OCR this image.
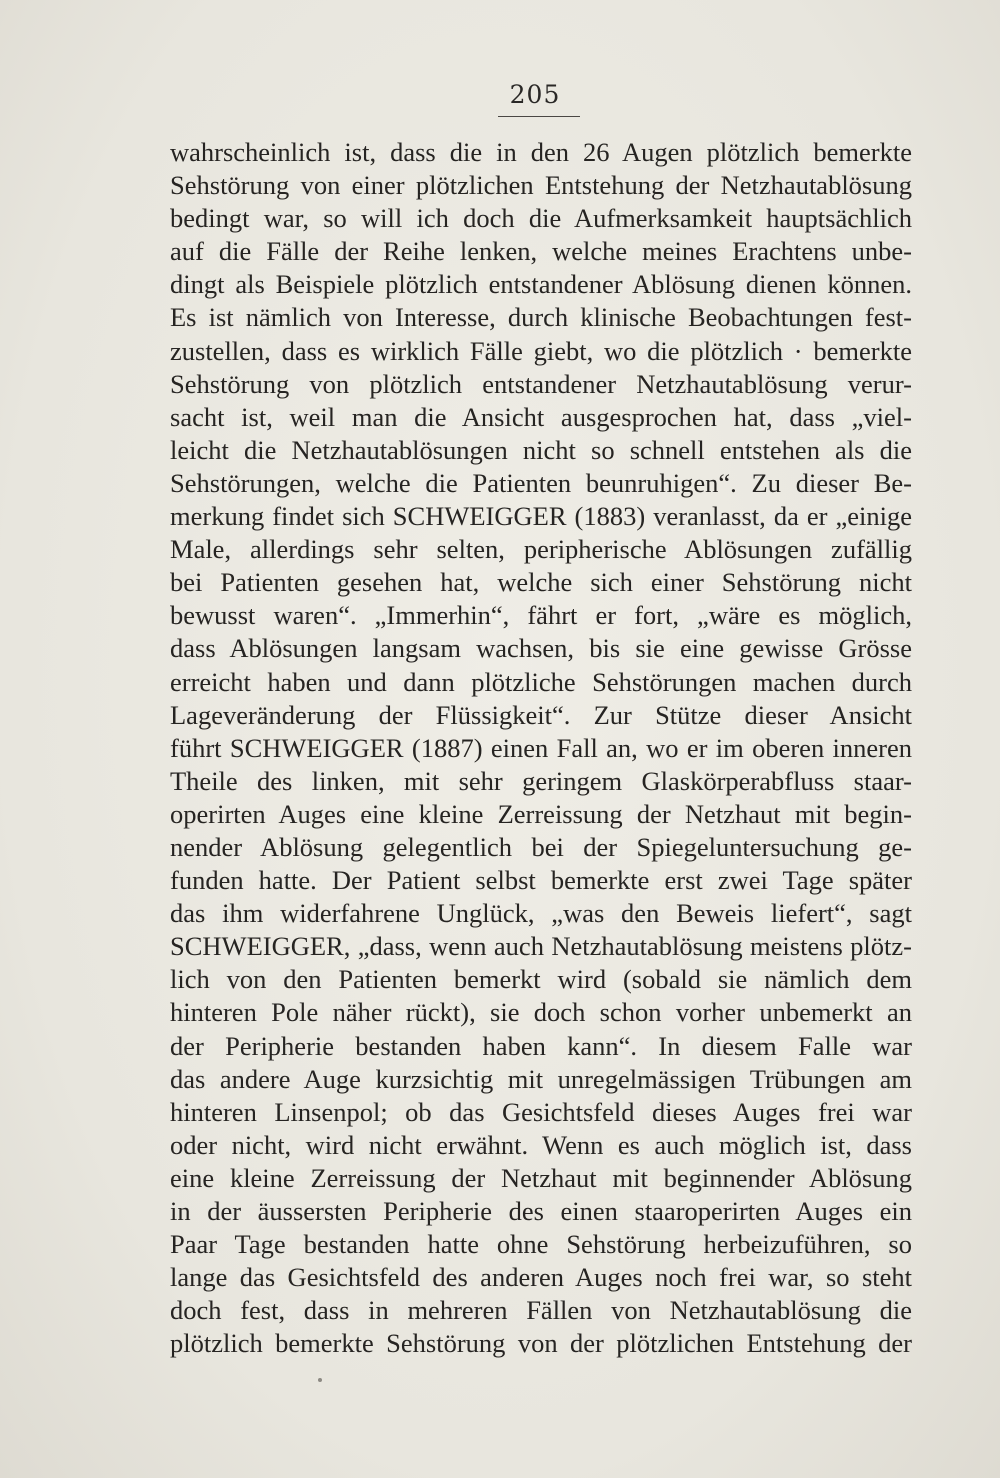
205
wahrscheinlich ist, dass die in den 26 Augen plötzlich bemerkte
Sehstörung von einer plötzlichen Entstehung der Netzhautablösung
bedingt war, so will ich doch die Aufmerksamkeit hauptsächlich
auf die Fälle der Reihe lenken, welche meines Erachtens unbe-
dingt als Beispiele plötzlich entstandener Ablösung dienen können.
Es ist nämlich von Interesse, durch klinische Beobachtungen fest-
zustellen, dass es wirklich Fälle giebt, wo die plötzlich · bemerkte
Sehstörung von plötzlich entstandener Netzhautablösung verur-
sacht ist, weil man die Ansicht ausgesprochen hat, dass „viel-
leicht die Netzhautablösungen nicht so schnell entstehen als die
Sehstörungen, welche die Patienten beunruhigen“. Zu dieser Be-
merkung findet sich SCHWEIGGER (1883) veranlasst, da er „einige
Male, allerdings sehr selten, peripherische Ablösungen zufällig
bei Patienten gesehen hat, welche sich einer Sehstörung nicht
bewusst waren“. „Immerhin“, fährt er fort, „wäre es möglich,
dass Ablösungen langsam wachsen, bis sie eine gewisse Grösse
erreicht haben und dann plötzliche Sehstörungen machen durch
Lageveränderung der Flüssigkeit“. Zur Stütze dieser Ansicht
führt SCHWEIGGER (1887) einen Fall an, wo er im oberen inneren
Theile des linken, mit sehr geringem Glaskörperabfluss staar-
operirten Auges eine kleine Zerreissung der Netzhaut mit begin-
nender Ablösung gelegentlich bei der Spiegeluntersuchung ge-
funden hatte. Der Patient selbst bemerkte erst zwei Tage später
das ihm widerfahrene Unglück, „was den Beweis liefert“, sagt
SCHWEIGGER, „dass, wenn auch Netzhautablösung meistens plötz-
lich von den Patienten bemerkt wird (sobald sie nämlich dem
hinteren Pole näher rückt), sie doch schon vorher unbemerkt an
der Peripherie bestanden haben kann“. In diesem Falle war
das andere Auge kurzsichtig mit unregelmässigen Trübungen am
hinteren Linsenpol; ob das Gesichtsfeld dieses Auges frei war
oder nicht, wird nicht erwähnt. Wenn es auch möglich ist, dass
eine kleine Zerreissung der Netzhaut mit beginnender Ablösung
in der äussersten Peripherie des einen staaroperirten Auges ein
Paar Tage bestanden hatte ohne Sehstörung herbeizuführen, so
lange das Gesichtsfeld des anderen Auges noch frei war, so steht
doch fest, dass in mehreren Fällen von Netzhautablösung die
plötzlich bemerkte Sehstörung von der plötzlichen Entstehung der
